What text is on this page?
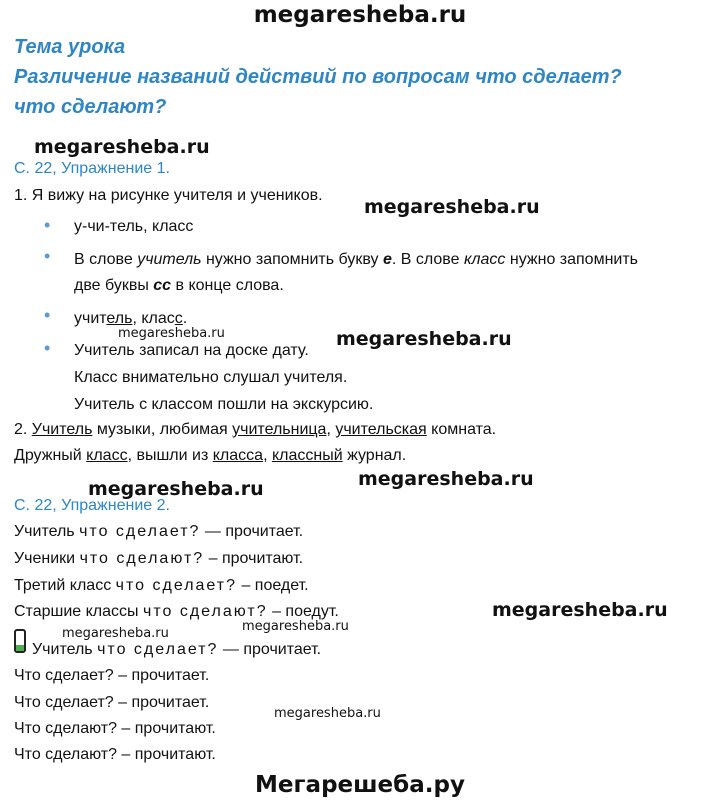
megaresheba.ru
Тема урока
Различение названий действий по вопросам что сделает?
что сделают?
megaresheba.ru
С. 22, Упражнение 1.
1. Я вижу на рисунке учителя и учеников.
megaresheba.ru
• у-чи-тель, класс
• В слове учитель нужно запомнить букву е. В слове класс нужно запомнить
две буквы сс в конце слова.
• учитель, класс.
megaresheba.ru	megaresheba.ru
• Учитель записал на доске дату.
Класс внимательно слушал учителя.
Учитель с классом пошли на экскурсию.
2. Учитель музыки, любимая учительница, учительская комната.
Дружный класс, вышли из класса, классный журнал.
megaresheba.ru
megaresheba.ru
С. 22, Упражнение 2.
Учитель что сделает? — прочитает.
Ученики что сделают? – прочитают.
Третий класс что сделает? – поедет.
Старшие классы что сделают? – поедут.	megaresheba.ru
megaresheba.ru
megaresheba.ru
Учитель что сделает? — прочитает.
Что сделает? – прочитает.
Что сделает? – прочитает.
megaresheba.ru
Что сделают? – прочитают.
Что сделают? – прочитают.
Мегарешеба.ру
